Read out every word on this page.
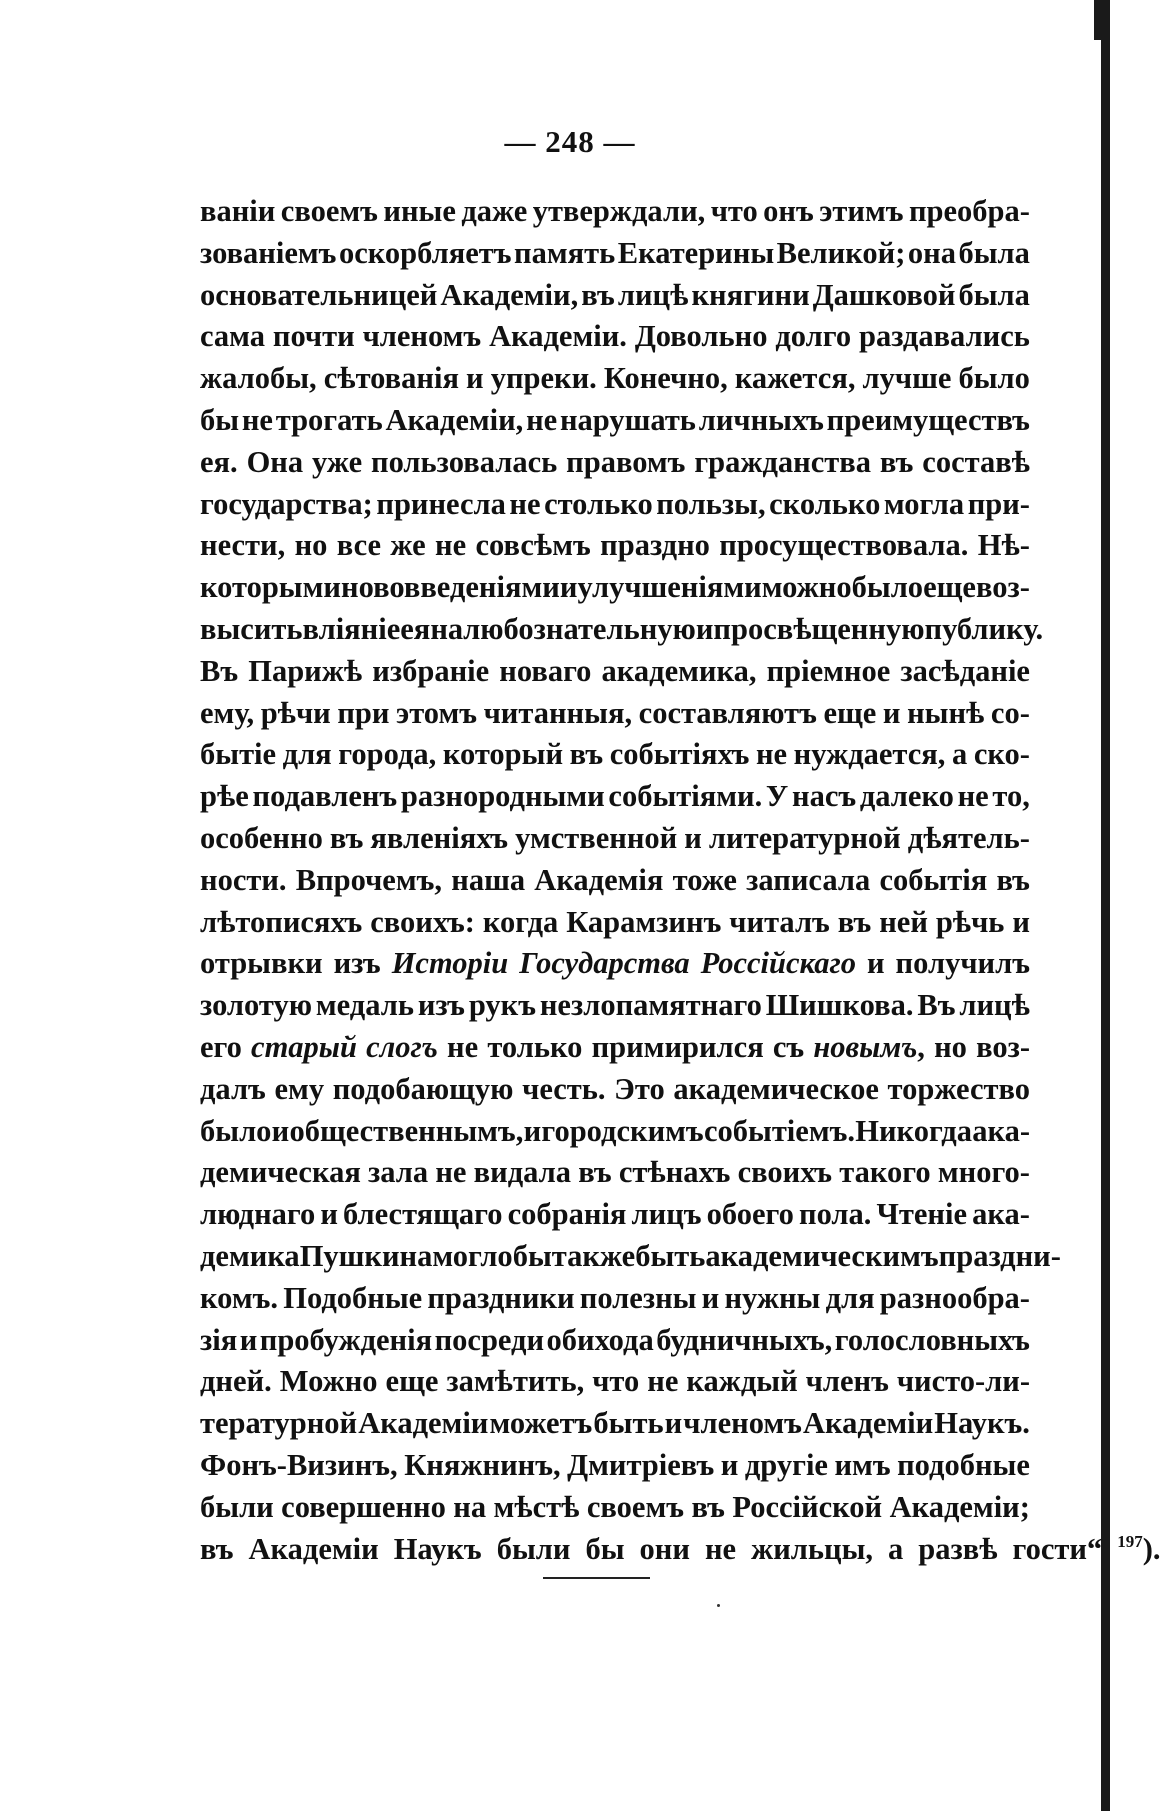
— 248 —
ваніи своемъ иные даже утверждали, что онъ этимъ преобра-
зованіемъ оскорбляетъ память Екатерины Великой; она была
основательницей Академіи, въ лицѣ княгини Дашковой была
сама почти членомъ Академіи. Довольно долго раздавались
жалобы, сѣтованія и упреки. Конечно, кажется, лучше было
бы не трогать Академіи, не нарушать личныхъ преимуществъ
ея. Она уже пользовалась правомъ гражданства въ составѣ
государства; принесла не столько пользы, сколько могла при-
нести, но все же не совсѣмъ праздно просуществовала. Нѣ-
которыми нововведеніями и улучшеніями можно было еще воз-
высить вліяніе ея на любознательную и просвѣщенную публику.
Въ Парижѣ избраніе новаго академика, пріемное засѣданіе
ему, рѣчи при этомъ читанныя, составляютъ еще и нынѣ со-
бытіе для города, который въ событіяхъ не нуждается, а ско-
рѣе подавленъ разнородными событіями. У насъ далеко не то,
особенно въ явленіяхъ умственной и литературной дѣятель-
ности. Впрочемъ, наша Академія тоже записала событія въ
лѣтописяхъ своихъ: когда Карамзинъ читалъ въ ней рѣчь и
отрывки изъ Исторіи Государства Россійскаго и получилъ
золотую медаль изъ рукъ незлопамятнаго Шишкова. Въ лицѣ
его старый слогъ не только примирился съ новымъ, но воз-
далъ ему подобающую честь. Это академическое торжество
было и общественнымъ, и городскимъ событіемъ. Никогда ака-
демическая зала не видала въ стѣнахъ своихъ такого много-
люднаго и блестящаго собранія лицъ обоего пола. Чтеніе ака-
демика Пушкина могло бы также быть академическимъ праздни-
комъ. Подобные праздники полезны и нужны для разнообра-
зія и пробужденія посреди обихода будничныхъ, голословныхъ
дней. Можно еще замѣтить, что не каждый членъ чисто-ли-
тературной Академіи можетъ быть и членомъ Академіи Наукъ.
Фонъ-Визинъ, Княжнинъ, Дмитріевъ и другіе имъ подобные
были совершенно на мѣстѣ своемъ въ Россійской Академіи;
въ Академіи Наукъ были бы они не жильцы, а развѣ гости“ 197).
